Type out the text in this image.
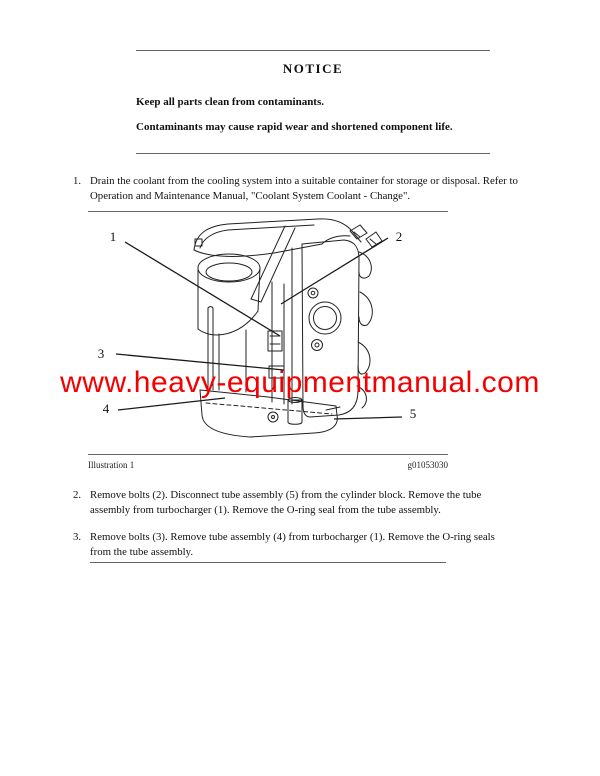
NOTICE
Keep all parts clean from contaminants.
Contaminants may cause rapid wear and shortened component life.
1. Drain the coolant from the cooling system into a suitable container for storage or disposal. Refer to Operation and Maintenance Manual, "Coolant System Coolant - Change".
1	2
3
4	5
Illustration 1	g01053030
2. Remove bolts (2). Disconnect tube assembly (5) from the cylinder block. Remove the tube assembly from turbocharger (1). Remove the O-ring seal from the tube assembly.
3. Remove bolts (3). Remove tube assembly (4) from turbocharger (1). Remove the O-ring seals from the tube assembly.
www.heavy-equipmentmanual.com
